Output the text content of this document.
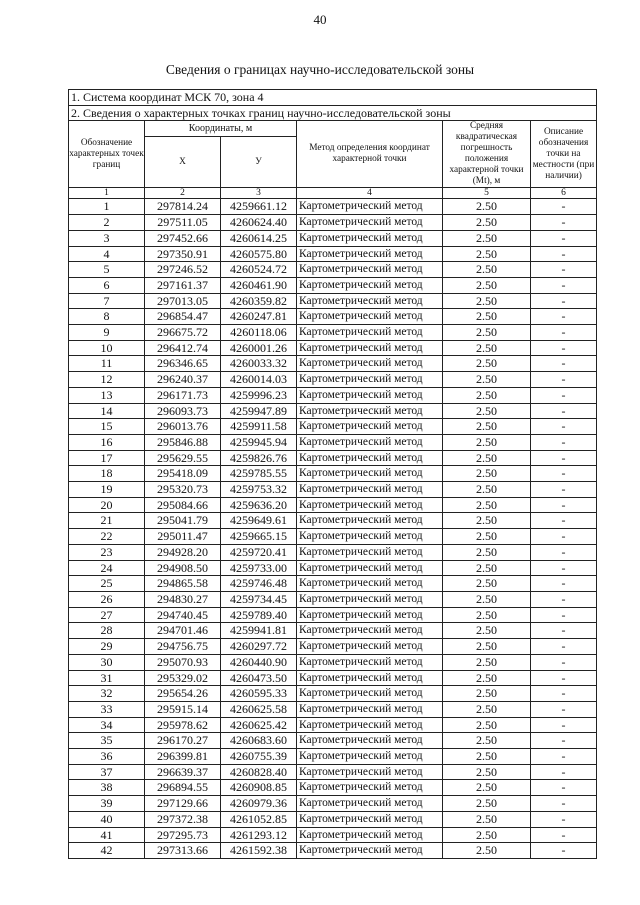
40
Сведения о границах научно-исследовательской зоны
1. Система координат МСК 70, зона 4					
2. Сведения о характерных точках границ научно-исследовательской зоны					
Обозначение характерных точек границ	Координаты, м		Метод определения координат характерной точки	Средняя квадратическая погрешность положения характерной точки (Mt), м	Описание обозначения точки на местности (при наличии)
	X	У			
1	2	3	4	5	6
1	297814.24	4259661.12	Картометрический метод	2.50	-
2	297511.05	4260624.40	Картометрический метод	2.50	-
3	297452.66	4260614.25	Картометрический метод	2.50	-
4	297350.91	4260575.80	Картометрический метод	2.50	-
5	297246.52	4260524.72	Картометрический метод	2.50	-
6	297161.37	4260461.90	Картометрический метод	2.50	-
7	297013.05	4260359.82	Картометрический метод	2.50	-
8	296854.47	4260247.81	Картометрический метод	2.50	-
9	296675.72	4260118.06	Картометрический метод	2.50	-
10	296412.74	4260001.26	Картометрический метод	2.50	-
11	296346.65	4260033.32	Картометрический метод	2.50	-
12	296240.37	4260014.03	Картометрический метод	2.50	-
13	296171.73	4259996.23	Картометрический метод	2.50	-
14	296093.73	4259947.89	Картометрический метод	2.50	-
15	296013.76	4259911.58	Картометрический метод	2.50	-
16	295846.88	4259945.94	Картометрический метод	2.50	-
17	295629.55	4259826.76	Картометрический метод	2.50	-
18	295418.09	4259785.55	Картометрический метод	2.50	-
19	295320.73	4259753.32	Картометрический метод	2.50	-
20	295084.66	4259636.20	Картометрический метод	2.50	-
21	295041.79	4259649.61	Картометрический метод	2.50	-
22	295011.47	4259665.15	Картометрический метод	2.50	-
23	294928.20	4259720.41	Картометрический метод	2.50	-
24	294908.50	4259733.00	Картометрический метод	2.50	-
25	294865.58	4259746.48	Картометрический метод	2.50	-
26	294830.27	4259734.45	Картометрический метод	2.50	-
27	294740.45	4259789.40	Картометрический метод	2.50	-
28	294701.46	4259941.81	Картометрический метод	2.50	-
29	294756.75	4260297.72	Картометрический метод	2.50	-
30	295070.93	4260440.90	Картометрический метод	2.50	-
31	295329.02	4260473.50	Картометрический метод	2.50	-
32	295654.26	4260595.33	Картометрический метод	2.50	-
33	295915.14	4260625.58	Картометрический метод	2.50	-
34	295978.62	4260625.42	Картометрический метод	2.50	-
35	296170.27	4260683.60	Картометрический метод	2.50	-
36	296399.81	4260755.39	Картометрический метод	2.50	-
37	296639.37	4260828.40	Картометрический метод	2.50	-
38	296894.55	4260908.85	Картометрический метод	2.50	-
39	297129.66	4260979.36	Картометрический метод	2.50	-
40	297372.38	4261052.85	Картометрический метод	2.50	-
41	297295.73	4261293.12	Картометрический метод	2.50	-
42	297313.66	4261592.38	Картометрический метод	2.50	-
